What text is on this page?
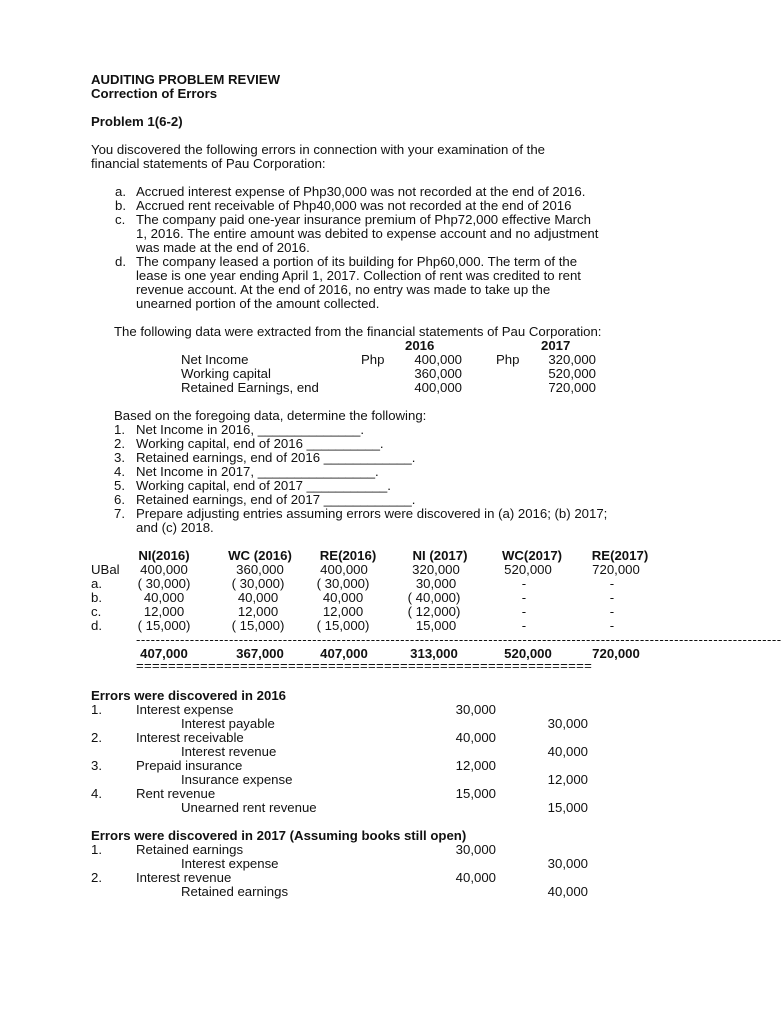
AUDITING PROBLEM REVIEW
Correction of Errors
Problem 1(6-2)
You discovered the following errors in connection with your examination of the
financial statements of Pau Corporation:
a. Accrued interest expense of Php30,000 was not recorded at the end of 2016.
b. Accrued rent receivable of Php40,000 was not recorded at the end of 2016
c. The company paid one-year insurance premium of Php72,000 effective March
1, 2016. The entire amount was debited to expense account and no adjustment
was made at the end of 2016.
d. The company leased a portion of its building for Php60,000. The term of the
lease is one year ending April 1, 2017. Collection of rent was credited to rent
revenue account. At the end of 2016, no entry was made to take up the
unearned portion of the amount collected.
The following data were extracted from the financial statements of Pau Corporation:
2016	2017
Net Income	Php	400,000	Php	320,000
Working capital	360,000	520,000
Retained Earnings, end	400,000	720,000
Based on the foregoing data, determine the following:
1. Net Income in 2016, ______________.
2. Working capital, end of 2016 __________.
3. Retained earnings, end of 2016 ____________.
4. Net Income in 2017, ________________.
5. Working capital, end of 2017 ___________.
6. Retained earnings, end of 2017 ____________.
7. Prepare adjusting entries assuming errors were discovered in (a) 2016; (b) 2017;
and (c) 2018.
NI(2016)	WC (2016)	RE(2016)	NI (2017)	WC(2017)	RE(2017)
UBal	400,000	360,000	400,000	320,000	520,000	720,000
a.	( 30,000)	( 30,000)	( 30,000)	30,000	-	-
b.	40,000	40,000	40,000	( 40,000)	-	-
c.	12,000	12,000	12,000	( 12,000)	-	-
d.	( 15,000)	( 15,000)	( 15,000)	15,000	-	-
------------------------------------------------------------------------------------------------------------------------------------
407,000	367,000	407,000	313,000	520,000	720,000
=========================================================
Errors were discovered in 2016
1.	Interest expense	30,000
Interest payable	30,000
2.	Interest receivable	40,000
Interest revenue	40,000
3.	Prepaid insurance	12,000
Insurance expense	12,000
4.	Rent revenue	15,000
Unearned rent revenue	15,000
Errors were discovered in 2017 (Assuming books still open)
1.	Retained earnings	30,000
Interest expense	30,000
2.	Interest revenue	40,000
Retained earnings	40,000
